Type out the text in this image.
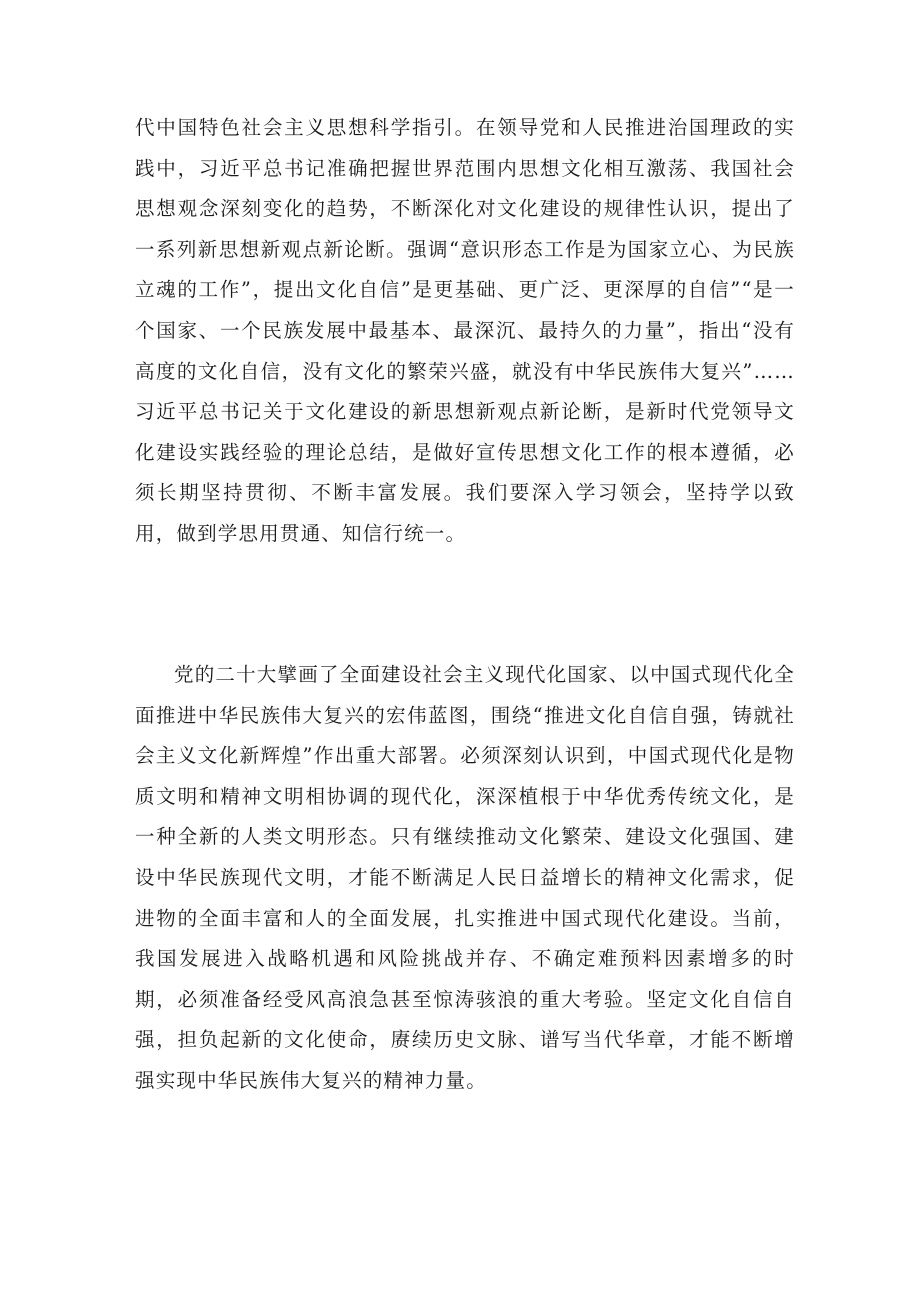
代中国特色社会主义思想科学指引。在领导党和人民推进治国理政的实践中，习近平总书记准确把握世界范围内思想文化相互激荡、我国社会思想观念深刻变化的趋势，不断深化对文化建设的规律性认识，提出了一系列新思想新观点新论断。强调“意识形态工作是为国家立心、为民族立魂的工作”，提出文化自信”是更基础、更广泛、更深厚的自信”“是一个国家、一个民族发展中最基本、最深沉、最持久的力量”，指出“没有高度的文化自信，没有文化的繁荣兴盛，就没有中华民族伟大复兴”……习近平总书记关于文化建设的新思想新观点新论断，是新时代党领导文化建设实践经验的理论总结，是做好宣传思想文化工作的根本遵循，必须长期坚持贯彻、不断丰富发展。我们要深入学习领会，坚持学以致用，做到学思用贯通、知信行统一。

党的二十大擘画了全面建设社会主义现代化国家、以中国式现代化全面推进中华民族伟大复兴的宏伟蓝图，围绕“推进文化自信自强，铸就社会主义文化新辉煌”作出重大部署。必须深刻认识到，中国式现代化是物质文明和精神文明相协调的现代化，深深植根于中华优秀传统文化，是一种全新的人类文明形态。只有继续推动文化繁荣、建设文化强国、建设中华民族现代文明，才能不断满足人民日益增长的精神文化需求，促进物的全面丰富和人的全面发展，扎实推进中国式现代化建设。当前，我国发展进入战略机遇和风险挑战并存、不确定难预料因素增多的时期，必须准备经受风高浪急甚至惊涛骇浪的重大考验。坚定文化自信自强，担负起新的文化使命，赓续历史文脉、谱写当代华章，才能不断增强实现中华民族伟大复兴的精神力量。
